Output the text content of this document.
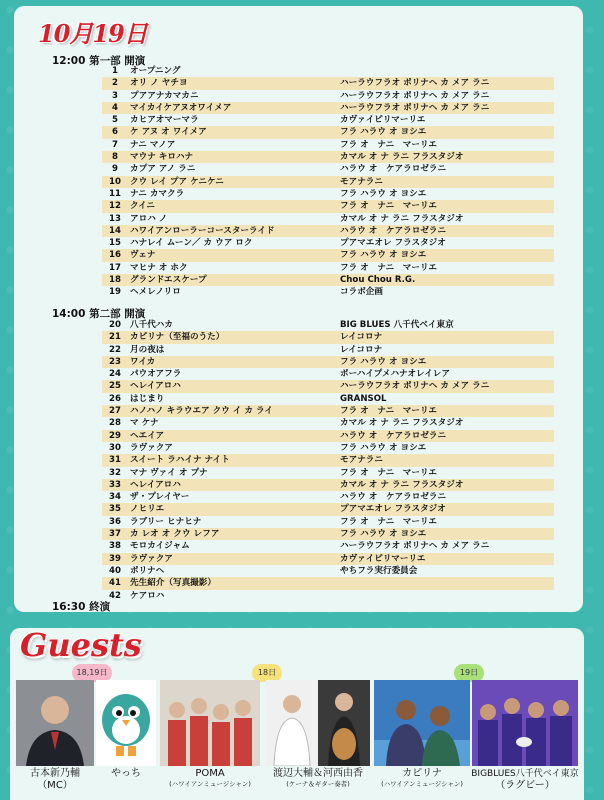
10月19日
12:00 第一部 開演
1	オープニング
2	オリ ノ ヤチヨ	ハーラウフラオ ポリナヘ カ メア ラニ
3	プアアナカマカニ	ハーラウフラオ ポリナヘ カ メア ラニ
4	マイカイケアヌオワイメア	ハーラウフラオ ポリナヘ カ メア ラニ
5	カヒアオマーマラ	カヴァイピリマーリエ
6	ケ アヌ オ ワイメア	フラ ハラウ オ ヨシエ
7	ナニ マノア	フラ オ　ナニ　マーリエ
8	マウナ キロハナ	カマル オ ナ ラニ フラスタジオ
9	カプア アノ ラニ	ハラウ オ　ケアラロゼラニ
10	クウ レイ プア ケニケニ	モアナラニ
11	ナニ カマクラ	フラ ハラウ オ ヨシエ
12	クイニ	フラ オ　ナニ　マーリエ
13	アロハ ノ	カマル オ ナ ラニ フラスタジオ
14	ハワイアンローラーコースターライド	ハラウ オ　ケアラロゼラニ
15	ハナレイ ムーン／ カ ウア ロク	プアマエオレ フラスタジオ
16	ヴェナ	フラ ハラウ オ ヨシエ
17	マヒナ オ ホク	フラ オ　ナニ　マーリエ
18	グランドエスケープ	Chou Chou R.G.
19	ヘメレノリロ	コラボ企画
14:00 第二部 開演
20	八千代ハカ	BIG BLUES 八千代ベイ東京
21	カピリナ（至福のうた）	レイコロナ
22	月の夜は	レイコロナ
23	ワイカ	フラ ハラウ オ ヨシエ
24	パウオアフラ	ポーハイプメハナオレイレア
25	ヘレイアロハ	ハーラウフラオ ポリナヘ カ メア ラニ
26	はじまり	GRANSOL
27	ハノハノ キラウエア クウ イ カ ライ	フラ オ　ナニ　マーリエ
28	マ ケナ	カマル オ ナ ラニ フラスタジオ
29	ヘエイア	ハラウ オ　ケアラロゼラニ
30	ラヴァクア	フラ ハラウ オ ヨシエ
31	スイート ラハイナ ナイト	モアナラニ
32	マナ ヴァイ オ プナ	フラ オ　ナニ　マーリエ
33	ヘレイアロハ	カマル オ ナ ラニ フラスタジオ
34	ザ・プレイヤー	ハラウ オ　ケアラロゼラニ
35	ノヒリエ	プアマエオレ フラスタジオ
36	ラブリー ヒナヒナ	フラ オ　ナニ　マーリエ
37	カ レオ オ クウ レフア	フラ ハラウ オ ヨシエ
38	モロカイジャム	ハーラウフラオ ポリナヘ カ メア ラニ
39	ラヴァクア	カヴァイピリマーリエ
40	ポリナヘ	やちフラ実行委員会
41	先生紹介（写真撮影）
42	ケアロハ
16:30 終演
Guests
18,19日	18日	19日
古本新乃輔
（MC）
やっち	POMA
(ハワイアンミュージシャン)
渡辺大輔＆河西由香
(ケーナ＆ギター奏者)
カピリナ
(ハワイアンミュージシャン)
BIGBLUES八千代ベイ東京
（ラグビー）
